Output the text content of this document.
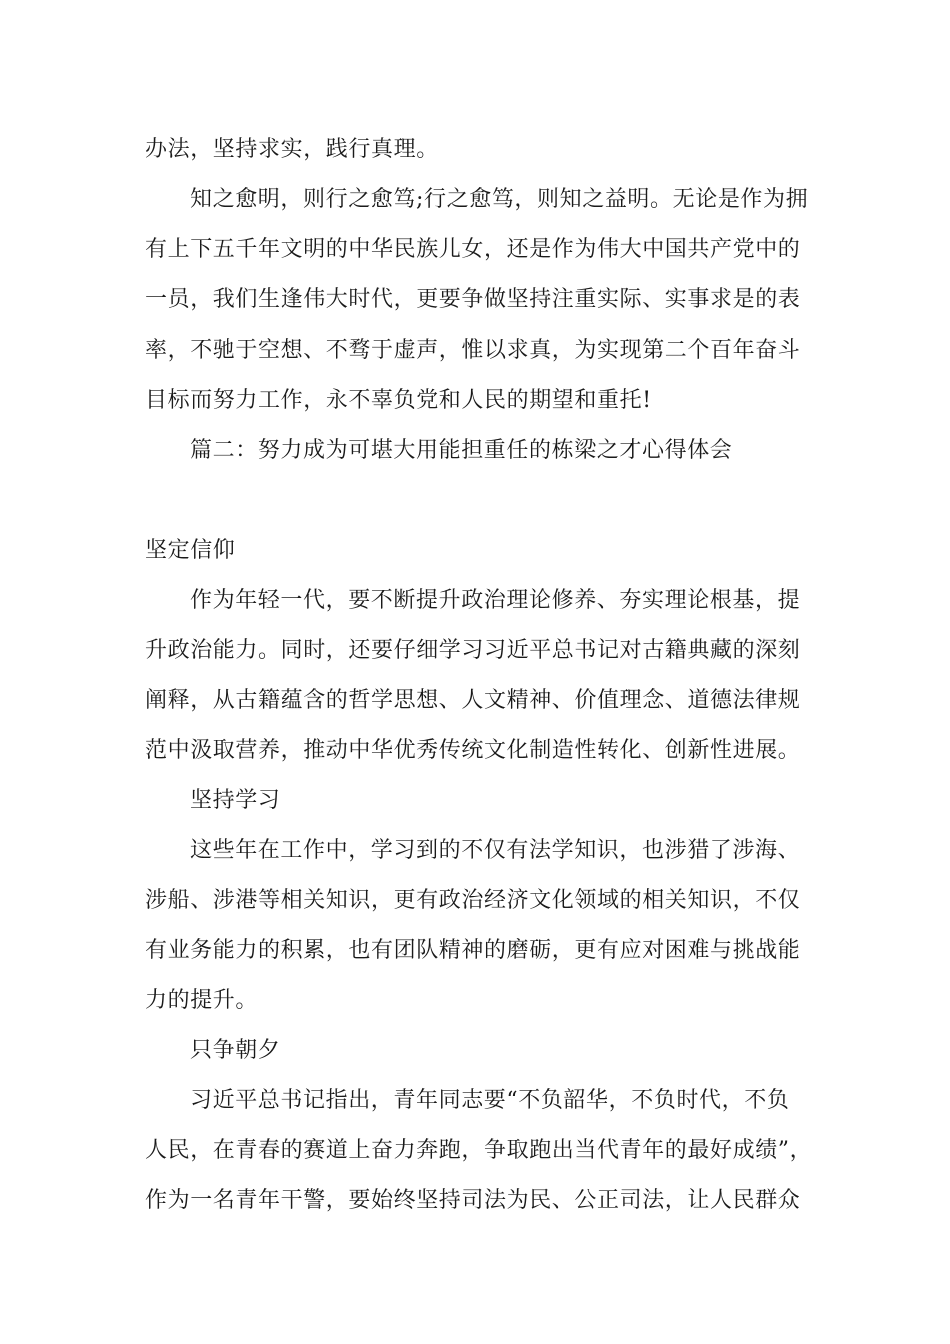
办法，坚持求实，践行真理。
知之愈明，则行之愈笃;行之愈笃，则知之益明。无论是作为拥
有上下五千年文明的中华民族儿女，还是作为伟大中国共产党中的
一员，我们生逢伟大时代，更要争做坚持注重实际、实事求是的表
率，不驰于空想、不骛于虚声，惟以求真，为实现第二个百年奋斗
目标而努力工作，永不辜负党和人民的期望和重托!
篇二：努力成为可堪大用能担重任的栋梁之才心得体会
坚定信仰
作为年轻一代，要不断提升政治理论修养、夯实理论根基，提
升政治能力。同时，还要仔细学习习近平总书记对古籍典藏的深刻
阐释，从古籍蕴含的哲学思想、人文精神、价值理念、道德法律规
范中汲取营养，推动中华优秀传统文化制造性转化、创新性进展。
坚持学习
这些年在工作中，学习到的不仅有法学知识，也涉猎了涉海、
涉船、涉港等相关知识，更有政治经济文化领域的相关知识，不仅
有业务能力的积累，也有团队精神的磨砺，更有应对困难与挑战能
力的提升。
只争朝夕
习近平总书记指出，青年同志要“不负韶华，不负时代，不负
人民，在青春的赛道上奋力奔跑，争取跑出当代青年的最好成绩”，
作为一名青年干警，要始终坚持司法为民、公正司法，让人民群众
